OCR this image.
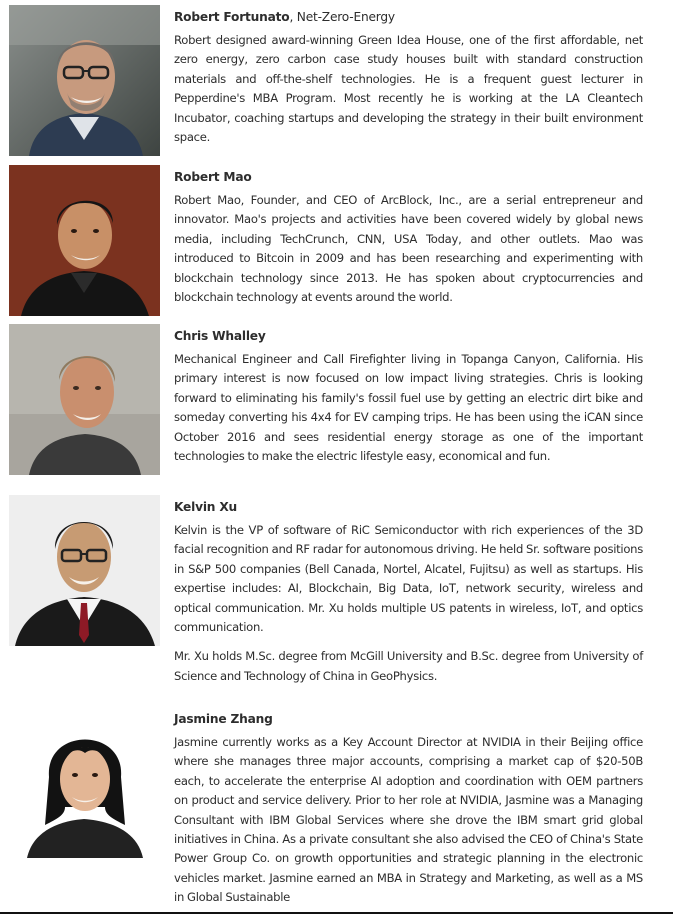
Robert Fortunato, Net-Zero-Energy

Robert designed award-winning Green Idea House, one of the first affordable, net zero energy, zero carbon case study houses built with standard construction materials and off-the-shelf technologies. He is a frequent guest lecturer in Pepperdine's MBA Program. Most recently he is working at the LA Cleantech Incubator, coaching startups and developing the strategy in their built environment space.

Robert Mao

Robert Mao, Founder, and CEO of ArcBlock, Inc., are a serial entrepreneur and innovator. Mao's projects and activities have been covered widely by global news media, including TechCrunch, CNN, USA Today, and other outlets. Mao was introduced to Bitcoin in 2009 and has been researching and experimenting with blockchain technology since 2013. He has spoken about cryptocurrencies and blockchain technology at events around the world.

Chris Whalley

Mechanical Engineer and Call Firefighter living in Topanga Canyon, California. His primary interest is now focused on low impact living strategies. Chris is looking forward to eliminating his family's fossil fuel use by getting an electric dirt bike and someday converting his 4x4 for EV camping trips. He has been using the iCAN since October 2016 and sees residential energy storage as one of the important technologies to make the electric lifestyle easy, economical and fun.

Kelvin Xu

Kelvin is the VP of software of RiC Semiconductor with rich experiences of the 3D facial recognition and RF radar for autonomous driving. He held Sr. software positions in S&P 500 companies (Bell Canada, Nortel, Alcatel, Fujitsu) as well as startups. His expertise includes: AI, Blockchain, Big Data, IoT, network security, wireless and optical communication. Mr. Xu holds multiple US patents in wireless, IoT, and optics communication.

Mr. Xu holds M.Sc. degree from McGill University and B.Sc. degree from University of Science and Technology of China in GeoPhysics.

Jasmine Zhang

Jasmine currently works as a Key Account Director at NVIDIA in their Beijing office where she manages three major accounts, comprising a market cap of $20-50B each, to accelerate the enterprise AI adoption and coordination with OEM partners on product and service delivery. Prior to her role at NVIDIA, Jasmine was a Managing Consultant with IBM Global Services where she drove the IBM smart grid global initiatives in China. As a private consultant she also advised the CEO of China's State Power Group Co. on growth opportunities and strategic planning in the electronic vehicles market. Jasmine earned an MBA in Strategy and Marketing, as well as a MS in Global Sustainable
